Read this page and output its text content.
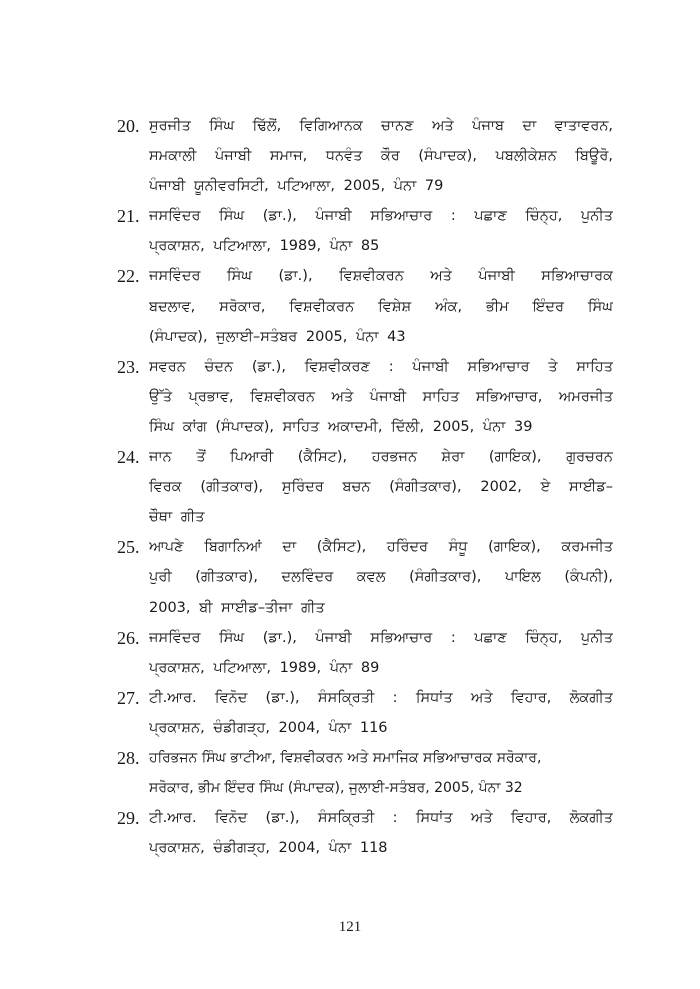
20. ਸੁਰਜੀਤ ਸਿੰਘ ਢਿੱਲੋਂ, ਵਿਗਿਆਨਕ ਚਾਨਣ ਅਤੇ ਪੰਜਾਬ ਦਾ ਵਾਤਾਵਰਨ,
ਸਮਕਾਲੀ ਪੰਜਾਬੀ ਸਮਾਜ, ਧਨਵੰਤ ਕੌਰ (ਸੰਪਾਦਕ), ਪਬਲੀਕੇਸ਼ਨ ਬਿਊਰੋ,
ਪੰਜਾਬੀ ਯੂਨੀਵਰਸਿਟੀ, ਪਟਿਆਲਾ, 2005, ਪੰਨਾ 79
21. ਜਸਵਿੰਦਰ ਸਿੰਘ (ਡਾ.), ਪੰਜਾਬੀ ਸਭਿਆਚਾਰ : ਪਛਾਣ ਚਿੰਨ੍ਹ, ਪੁਨੀਤ
ਪ੍ਰਕਾਸ਼ਨ, ਪਟਿਆਲਾ, 1989, ਪੰਨਾ 85
22. ਜਸਵਿੰਦਰ ਸਿੰਘ (ਡਾ.), ਵਿਸ਼ਵੀਕਰਨ ਅਤੇ ਪੰਜਾਬੀ ਸਭਿਆਚਾਰਕ
ਬਦਲਾਵ, ਸਰੋਕਾਰ, ਵਿਸ਼ਵੀਕਰਨ ਵਿਸ਼ੇਸ਼ ਅੰਕ, ਭੀਮ ਇੰਦਰ ਸਿੰਘ
(ਸੰਪਾਦਕ), ਜੁਲਾਈ–ਸਤੰਬਰ 2005, ਪੰਨਾ 43
23. ਸਵਰਨ ਚੰਦਨ (ਡਾ.), ਵਿਸ਼ਵੀਕਰਣ : ਪੰਜਾਬੀ ਸਭਿਆਚਾਰ ਤੇ ਸਾਹਿਤ
ਉੱਤੇ ਪ੍ਰਭਾਵ, ਵਿਸ਼ਵੀਕਰਨ ਅਤੇ ਪੰਜਾਬੀ ਸਾਹਿਤ ਸਭਿਆਚਾਰ, ਅਮਰਜੀਤ
ਸਿੰਘ ਕਾਂਗ (ਸੰਪਾਦਕ), ਸਾਹਿਤ ਅਕਾਦਮੀ, ਦਿੱਲੀ, 2005, ਪੰਨਾ 39
24. ਜਾਨ ਤੋਂ ਪਿਆਰੀ (ਕੈਸਿਟ), ਹਰਭਜਨ ਸ਼ੇਰਾ (ਗਾਇਕ), ਗੁਰਚਰਨ
ਵਿਰਕ (ਗੀਤਕਾਰ), ਸੁਰਿੰਦਰ ਬਚਨ (ਸੰਗੀਤਕਾਰ), 2002, ਏ ਸਾਈਡ–
ਚੌਥਾ ਗੀਤ
25. ਆਪਣੇ ਬਿਗਾਨਿਆਂ ਦਾ (ਕੈਸਿਟ), ਹਰਿੰਦਰ ਸੰਧੂ (ਗਾਇਕ), ਕਰਮਜੀਤ
ਪੁਰੀ (ਗੀਤਕਾਰ), ਦਲਵਿੰਦਰ ਕਵਲ (ਸੰਗੀਤਕਾਰ), ਪਾਇਲ (ਕੰਪਨੀ),
2003, ਬੀ ਸਾਈਡ–ਤੀਜਾ ਗੀਤ
26. ਜਸਵਿੰਦਰ ਸਿੰਘ (ਡਾ.), ਪੰਜਾਬੀ ਸਭਿਆਚਾਰ : ਪਛਾਣ ਚਿੰਨ੍ਹ, ਪੁਨੀਤ
ਪ੍ਰਕਾਸ਼ਨ, ਪਟਿਆਲਾ, 1989, ਪੰਨਾ 89
27. ਟੀ.ਆਰ. ਵਿਨੋਦ (ਡਾ.), ਸੰਸਕ੍ਰਿਤੀ : ਸਿਧਾਂਤ ਅਤੇ ਵਿਹਾਰ, ਲੋਕਗੀਤ
ਪ੍ਰਕਾਸ਼ਨ, ਚੰਡੀਗੜ੍ਹ, 2004, ਪੰਨਾ 116
28. ਹਰਿਭਜਨ ਸਿੰਘ ਭਾਟੀਆ, ਵਿਸ਼ਵੀਕਰਨ ਅਤੇ ਸਮਾਜਿਕ ਸਭਿਆਚਾਰਕ ਸਰੋਕਾਰ,
ਸਰੋਕਾਰ, ਭੀਮ ਇੰਦਰ ਸਿੰਘ (ਸੰਪਾਦਕ), ਜੁਲਾਈ-ਸਤੰਬਰ, 2005, ਪੰਨਾ 32
29. ਟੀ.ਆਰ. ਵਿਨੋਦ (ਡਾ.), ਸੰਸਕ੍ਰਿਤੀ : ਸਿਧਾਂਤ ਅਤੇ ਵਿਹਾਰ, ਲੋਕਗੀਤ
ਪ੍ਰਕਾਸ਼ਨ, ਚੰਡੀਗੜ੍ਹ, 2004, ਪੰਨਾ 118
121
